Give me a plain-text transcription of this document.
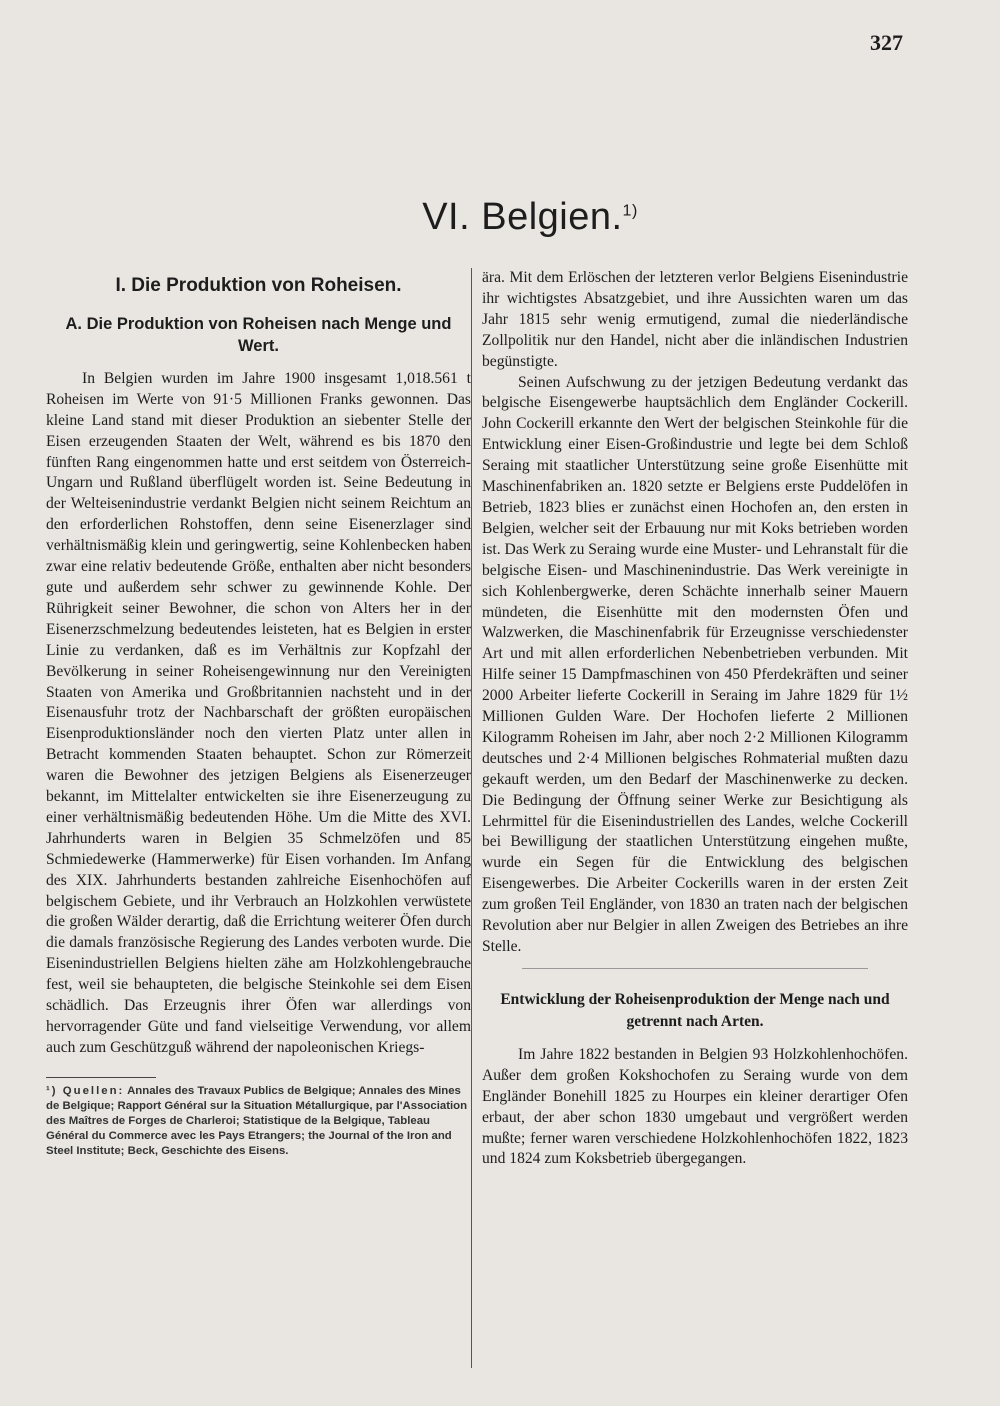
327
VI. Belgien.$^{1)}$
I. Die Produktion von Roheisen.
A. Die Produktion von Roheisen nach Menge und Wert.

In Belgien wurden im Jahre 1900 insgesamt 1,018.561 t Roheisen im Werte von 91·5 Millionen Franks gewonnen. Das kleine Land stand mit dieser Produktion an siebenter Stelle der Eisen erzeugenden Staaten der Welt, während es bis 1870 den fünften Rang eingenommen hatte und erst seitdem von Österreich-Ungarn und Rußland überflügelt worden ist. Seine Bedeutung in der Welteisenindustrie verdankt Belgien nicht seinem Reichtum an den erforderlichen Rohstoffen, denn seine Eisenerzlager sind verhältnismäßig klein und geringwertig, seine Kohlenbecken haben zwar eine relativ bedeutende Größe, enthalten aber nicht besonders gute und außerdem sehr schwer zu gewinnende Kohle. Der Rührigkeit seiner Bewohner, die schon von Alters her in der Eisenerzschmelzung bedeutendes leisteten, hat es Belgien in erster Linie zu verdanken, daß es im Verhältnis zur Kopfzahl der Bevölkerung in seiner Roheisengewinnung nur den Vereinigten Staaten von Amerika und Großbritannien nachsteht und in der Eisenausfuhr trotz der Nachbarschaft der größten europäischen Eisenproduktionsländer noch den vierten Platz unter allen in Betracht kommenden Staaten behauptet. Schon zur Römerzeit waren die Bewohner des jetzigen Belgiens als Eisenerzeuger bekannt, im Mittelalter entwickelten sie ihre Eisenerzeugung zu einer verhältnismäßig bedeutenden Höhe. Um die Mitte des XVI. Jahrhunderts waren in Belgien 35 Schmelzöfen und 85 Schmiedewerke (Hammerwerke) für Eisen vorhanden. Im Anfang des XIX. Jahrhunderts bestanden zahlreiche Eisenhochöfen auf belgischem Gebiete, und ihr Verbrauch an Holzkohlen verwüstete die großen Wälder derartig, daß die Errichtung weiterer Öfen durch die damals französische Regierung des Landes verboten wurde. Die Eisenindustriellen Belgiens hielten zähe am Holzkohlengebrauche fest, weil sie behaupteten, die belgische Steinkohle sei dem Eisen schädlich. Das Erzeugnis ihrer Öfen war allerdings von hervorragender Güte und fand vielseitige Verwendung, vor allem auch zum Geschützguß während der napoleonischen Kriegs-

¹) Quellen: Annales des Travaux Publics de Belgique; Annales des Mines de Belgique; Rapport Général sur la Situation Métallurgique, par l'Association des Maîtres de Forges de Charleroi; Statistique de la Belgique, Tableau Général du Commerce avec les Pays Etrangers; the Journal of the Iron and Steel Institute; Beck, Geschichte des Eisens.

ära. Mit dem Erlöschen der letzteren verlor Belgiens Eisenindustrie ihr wichtigstes Absatzgebiet, und ihre Aussichten waren um das Jahr 1815 sehr wenig ermutigend, zumal die niederländische Zollpolitik nur den Handel, nicht aber die inländischen Industrien begünstigte.

Seinen Aufschwung zu der jetzigen Bedeutung verdankt das belgische Eisengewerbe hauptsächlich dem Engländer Cockerill. John Cockerill erkannte den Wert der belgischen Steinkohle für die Entwicklung einer Eisen-Großindustrie und legte bei dem Schloß Seraing mit staatlicher Unterstützung seine große Eisenhütte mit Maschinenfabriken an. 1820 setzte er Belgiens erste Puddelöfen in Betrieb, 1823 blies er zunächst einen Hochofen an, den ersten in Belgien, welcher seit der Erbauung nur mit Koks betrieben worden ist. Das Werk zu Seraing wurde eine Muster- und Lehranstalt für die belgische Eisen- und Maschinenindustrie. Das Werk vereinigte in sich Kohlenbergwerke, deren Schächte innerhalb seiner Mauern mündeten, die Eisenhütte mit den modernsten Öfen und Walzwerken, die Maschinenfabrik für Erzeugnisse verschiedenster Art und mit allen erforderlichen Nebenbetrieben verbunden. Mit Hilfe seiner 15 Dampfmaschinen von 450 Pferdekräften und seiner 2000 Arbeiter lieferte Cockerill in Seraing im Jahre 1829 für 1½ Millionen Gulden Ware. Der Hochofen lieferte 2 Millionen Kilogramm Roheisen im Jahr, aber noch 2·2 Millionen Kilogramm deutsches und 2·4 Millionen belgisches Rohmaterial mußten dazu gekauft werden, um den Bedarf der Maschinenwerke zu decken. Die Bedingung der Öffnung seiner Werke zur Besichtigung als Lehrmittel für die Eisenindustriellen des Landes, welche Cockerill bei Bewilligung der staatlichen Unterstützung eingehen mußte, wurde ein Segen für die Entwicklung des belgischen Eisengewerbes. Die Arbeiter Cockerills waren in der ersten Zeit zum großen Teil Engländer, von 1830 an traten nach der belgischen Revolution aber nur Belgier in allen Zweigen des Betriebes an ihre Stelle.

Entwicklung der Roheisenproduktion der Menge nach und getrennt nach Arten.

Im Jahre 1822 bestanden in Belgien 93 Holzkohlenhochöfen. Außer dem großen Kokshochofen zu Seraing wurde von dem Engländer Bonehill 1825 zu Hourpes ein kleiner derartiger Ofen erbaut, der aber schon 1830 umgebaut und vergrößert werden mußte; ferner waren verschiedene Holzkohlenhochöfen 1822, 1823 und 1824 zum Koksbetrieb übergegangen.
